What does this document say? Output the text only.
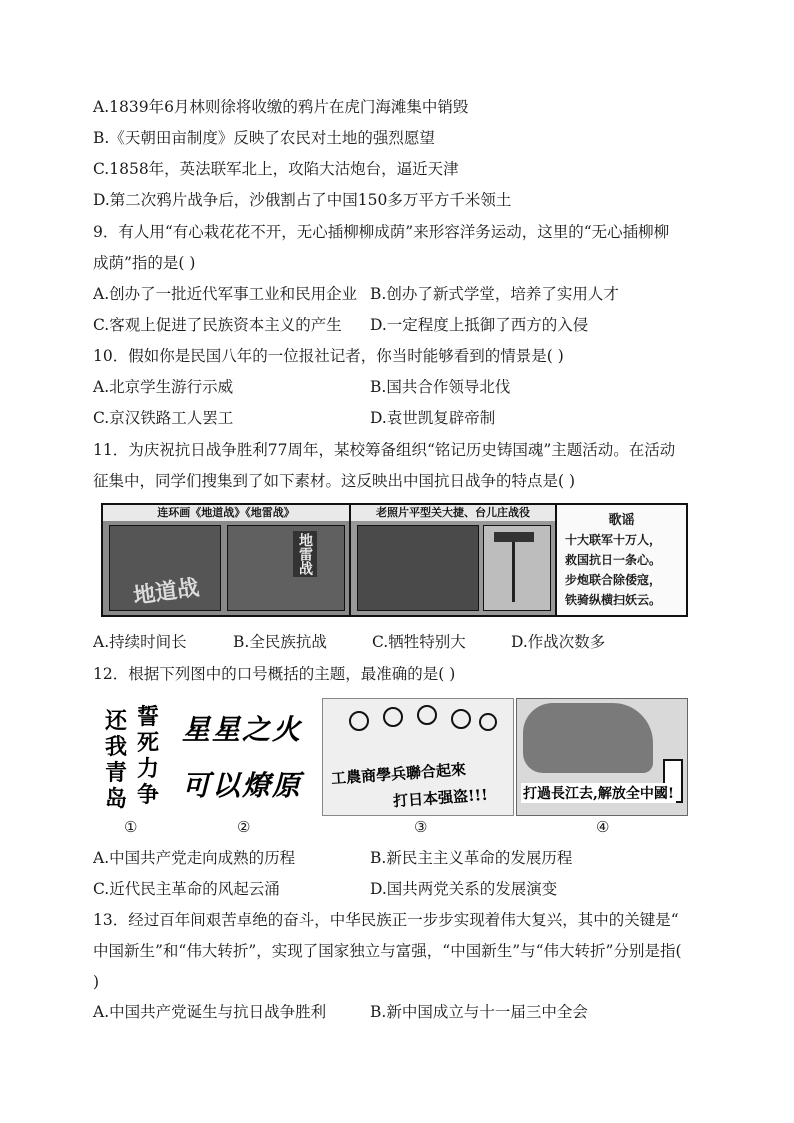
A.1839年6月林则徐将收缴的鸦片在虎门海滩集中销毁
B.《天朝田亩制度》反映了农民对土地的强烈愿望
C.1858年，英法联军北上，攻陷大沽炮台，逼近天津
D.第二次鸦片战争后，沙俄割占了中国150多万平方千米领土
9．有人用“有心栽花花不开，无心插柳柳成荫”来形容洋务运动，这里的“无心插柳柳
成荫”指的是( )
A.创办了一批近代军事工业和民用企业 B.创办了新式学堂，培养了实用人才
C.客观上促进了民族资本主义的产生 D.一定程度上抵御了西方的入侵
10．假如你是民国八年的一位报社记者，你当时能够看到的情景是( )
A.北京学生游行示威	B.国共合作领导北伐
C.京汉铁路工人罢工	D.袁世凯复辟帝制
11．为庆祝抗日战争胜利77周年，某校筹备组织“铭记历史铸国魂”主题活动。在活动
征集中，同学们搜集到了如下素材。这反映出中国抗日战争的特点是( )
连环画《地道战》《地雷战》
地道战
地雷战
老照片平型关大捷、台儿庄战役
歌谣
十大联军十万人，
救国抗日一条心。
步炮联合除倭寇，
铁骑纵横扫妖云。
A.持续时间长	B.全民族抗战	C.牺牲特别大	D.作战次数多
12．根据下列图中的口号概括的主题，最准确的是( )
誓
死
力
争
还
我
青
岛
星星之火
可以燎原 工農商學兵聯合起來
打日本强盗!!! 打過長江去,解放全中國!
①	②	③	④
A.中国共产党走向成熟的历程	B.新民主主义革命的发展历程
C.近代民主革命的风起云涌	D.国共两党关系的发展演变
13．经过百年间艰苦卓绝的奋斗，中华民族正一步步实现着伟大复兴，其中的关键是“
中国新生”和“伟大转折”，实现了国家独立与富强，“中国新生”与“伟大转折”分别是指(
)
A.中国共产党诞生与抗日战争胜利	B.新中国成立与十一届三中全会
